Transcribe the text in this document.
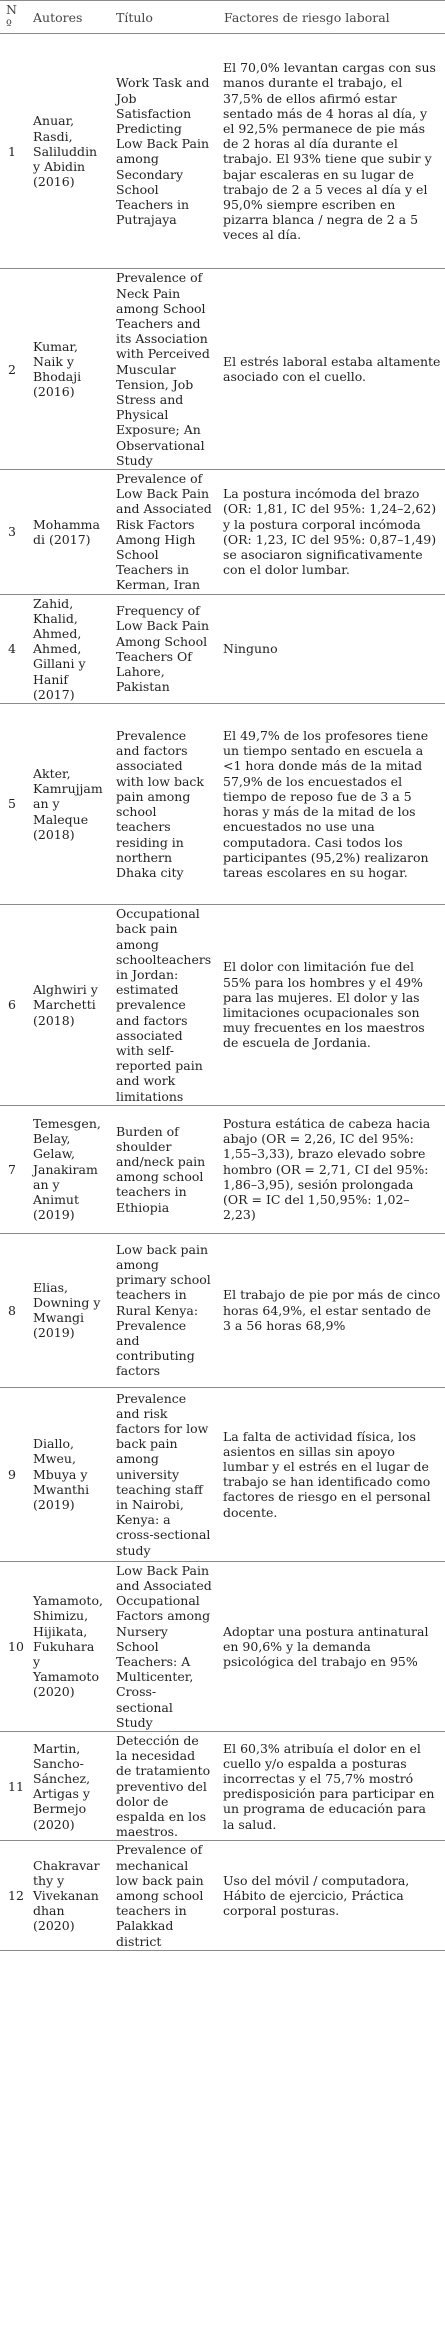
Nº	Autores	Título	Factores de riesgo laboral
1	Anuar, Rasdi, Saliluddin y Abidin (2016)	Work Task and Job Satisfaction Predicting Low Back Pain among Secondary School Teachers in Putrajaya	El 70,0% levantan cargas con sus manos durante el trabajo, el 37,5% de ellos afirmó estar sentado más de 4 horas al día, y el 92,5% permanece de pie más de 2 horas al día durante el trabajo. El 93% tiene que subir y bajar escaleras en su lugar de trabajo de 2 a 5 veces al día y el 95,0% siempre escriben en pizarra blanca / negra de 2 a 5 veces al día.
2	Kumar, Naik y Bhodaji (2016)	Prevalence of Neck Pain among School Teachers and its Association with Perceived Muscular Tension, Job Stress and Physical Exposure; An Observational Study	El estrés laboral estaba altamente asociado con el cuello.
3	Mohammadi (2017)	Prevalence of Low Back Pain and Associated Risk Factors Among High School Teachers in Kerman, Iran	La postura incómoda del brazo (OR: 1,81, IC del 95%: 1,24–2,62) y la postura corporal incómoda (OR: 1,23, IC del 95%: 0,87–1,49) se asociaron significativamente con el dolor lumbar.
4	Zahid, Khalid, Ahmed, Ahmed, Gillani y Hanif (2017)	Frequency of Low Back Pain Among School Teachers Of Lahore, Pakistan	Ninguno
5	Akter, Kamrujjaman y Maleque (2018)	Prevalence and factors associated with low back pain among school teachers residing in northern Dhaka city	El 49,7% de los profesores tiene un tiempo sentado en escuela a <1 hora donde más de la mitad 57,9% de los encuestados el tiempo de reposo fue de 3 a 5 horas y más de la mitad de los encuestados no use una computadora. Casi todos los participantes (95,2%) realizaron tareas escolares en su hogar.
6	Alghwiri y Marchetti (2018)	Occupational back pain among schoolteachers in Jordan: estimated prevalence and factors associated with self-reported pain and work limitations	El dolor con limitación fue del 55% para los hombres y el 49% para las mujeres. El dolor y las limitaciones ocupacionales son muy frecuentes en los maestros de escuela de Jordania.
7	Temesgen, Belay, Gelaw, Janakiraman y Animut (2019)	Burden of shoulder and/neck pain among school teachers in Ethiopia	Postura estática de cabeza hacia abajo (OR = 2,26, IC del 95%: 1,55–3,33), brazo elevado sobre hombro (OR = 2,71, CI del 95%: 1,86–3,95), sesión prolongada (OR = IC del 1,50,95%: 1,02–2,23)
8	Elias, Downing y Mwangi (2019)	Low back pain among primary school teachers in Rural Kenya: Prevalence and contributing factors	El trabajo de pie por más de cinco horas 64,9%, el estar sentado de 3 a 56 horas 68,9%
9	Diallo, Mweu, Mbuya y Mwanthi (2019)	Prevalence and risk factors for low back pain among university teaching staff in Nairobi, Kenya: a cross-sectional study	La falta de actividad física, los asientos en sillas sin apoyo lumbar y el estrés en el lugar de trabajo se han identificado como factores de riesgo en el personal docente.
10	Yamamoto, Shimizu, Hijikata, Fukuhara y Yamamoto (2020)	Low Back Pain and Associated Occupational Factors among Nursery School Teachers: A Multicenter, Cross-sectional Study	Adoptar una postura antinatural en 90,6% y la demanda psicológica del trabajo en 95%
11	Martin, Sancho-Sánchez, Artigas y Bermejo (2020)	Detección de la necesidad de tratamiento preventivo del dolor de espalda en los maestros.	El 60,3% atribuía el dolor en el cuello y/o espalda a posturas incorrectas y el 75,7% mostró predisposición para participar en un programa de educación para la salud.
12	Chakravarthy y Vivekanandhan (2020)	Prevalence of mechanical low back pain among school teachers in Palakkad district	Uso del móvil / computadora, Hábito de ejercicio, Práctica corporal posturas.
